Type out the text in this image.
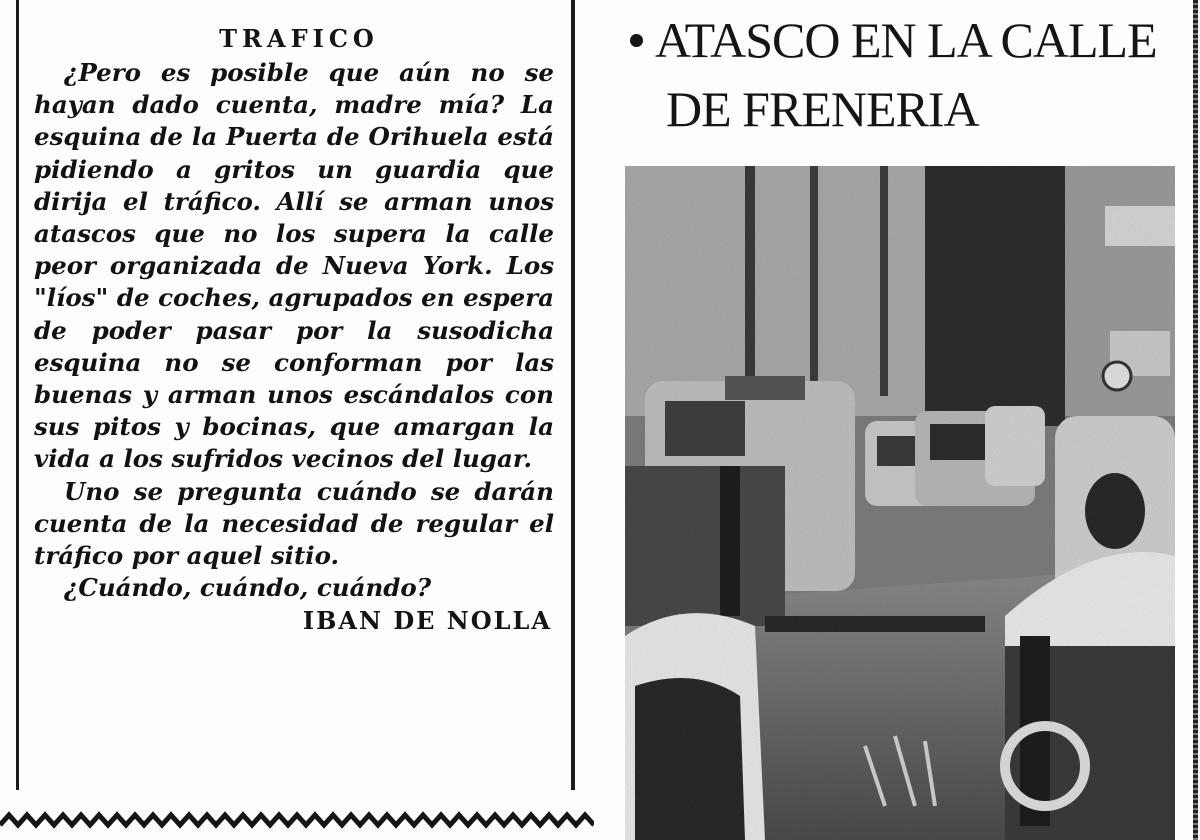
TRAFICO

¿Pero es posible que aún no se hayan dado cuenta, madre mía? La esquina de la Puerta de Orihuela está pidiendo a gritos un guardia que dirija el tráfico. Allí se arman unos atascos que no los supera la calle peor organizada de Nueva York. Los "líos" de coches, agrupados en espera de poder pasar por la susodicha esquina no se conforman por las buenas y arman unos escándalos con sus pitos y bocinas, que amargan la vida a los sufridos vecinos del lugar.

Uno se pregunta cuándo se darán cuenta de la necesidad de regular el tráfico por aquel sitio.

¿Cuándo, cuándo, cuándo?

IBAN DE NOLLA
ATASCO EN LA CALLE
DE FRENERIA
